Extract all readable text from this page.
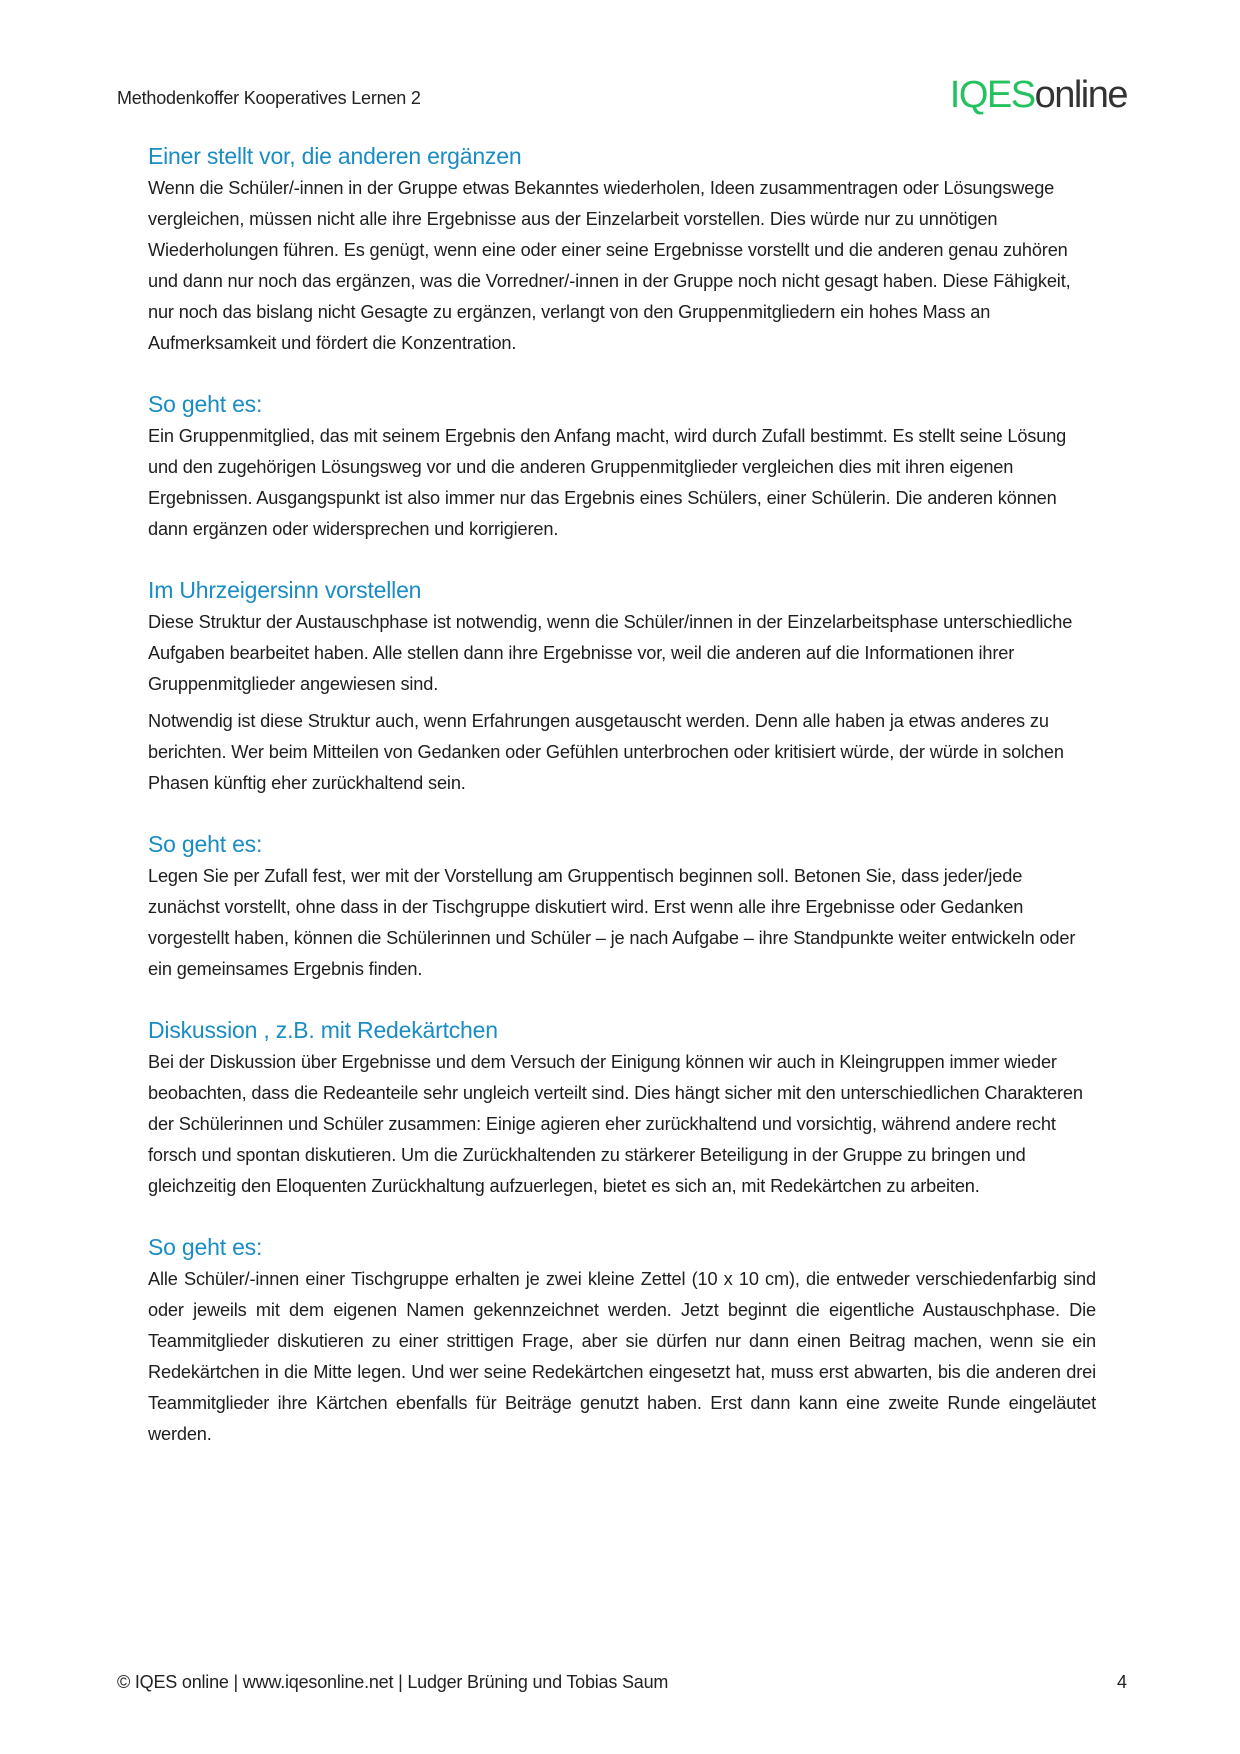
Methodenkoffer Kooperatives Lernen 2	IQESonline
Einer stellt vor, die anderen ergänzen

Wenn die Schüler/-innen in der Gruppe etwas Bekanntes wiederholen, Ideen zusammentragen oder Lösungswege vergleichen, müssen nicht alle ihre Ergebnisse aus der Einzelarbeit vorstellen. Dies würde nur zu unnötigen Wiederholungen führen. Es genügt, wenn eine oder einer seine Ergebnisse vorstellt und die anderen genau zuhören und dann nur noch das ergänzen, was die Vorredner/-innen in der Gruppe noch nicht gesagt haben. Diese Fähigkeit, nur noch das bislang nicht Gesagte zu ergänzen, verlangt von den Gruppenmitgliedern ein hohes Mass an Aufmerksamkeit und fördert die Konzentration.

So geht es:

Ein Gruppenmitglied, das mit seinem Ergebnis den Anfang macht, wird durch Zufall bestimmt. Es stellt seine Lösung und den zugehörigen Lösungsweg vor und die anderen Gruppenmitglieder vergleichen dies mit ihren eigenen Ergebnissen. Ausgangspunkt ist also immer nur das Ergebnis eines Schülers, einer Schülerin. Die anderen können dann ergänzen oder widersprechen und korrigieren.

Im Uhrzeigersinn vorstellen

Diese Struktur der Austauschphase ist notwendig, wenn die Schüler/innen in der Einzelarbeitsphase unterschiedliche Aufgaben bearbeitet haben. Alle stellen dann ihre Ergebnisse vor, weil die anderen auf die Informationen ihrer Gruppenmitglieder angewiesen sind.

Notwendig ist diese Struktur auch, wenn Erfahrungen ausgetauscht werden. Denn alle haben ja etwas anderes zu berichten. Wer beim Mitteilen von Gedanken oder Gefühlen unterbrochen oder kritisiert würde, der würde in solchen Phasen künftig eher zurückhaltend sein.

So geht es:

Legen Sie per Zufall fest, wer mit der Vorstellung am Gruppentisch beginnen soll. Betonen Sie, dass jeder/jede zunächst vorstellt, ohne dass in der Tischgruppe diskutiert wird. Erst wenn alle ihre Ergebnisse oder Gedanken vorgestellt haben, können die Schülerinnen und Schüler – je nach Aufgabe – ihre Standpunkte weiter entwickeln oder ein gemeinsames Ergebnis finden.

Diskussion , z.B. mit Redekärtchen

Bei der Diskussion über Ergebnisse und dem Versuch der Einigung können wir auch in Kleingruppen immer wieder beobachten, dass die Redeanteile sehr ungleich verteilt sind. Dies hängt sicher mit den unterschiedlichen Charakteren der Schülerinnen und Schüler zusammen: Einige agieren eher zurückhaltend und vorsichtig, während andere recht forsch und spontan diskutieren. Um die Zurückhaltenden zu stärkerer Beteiligung in der Gruppe zu bringen und gleichzeitig den Eloquenten Zurückhaltung aufzuerlegen, bietet es sich an, mit Redekärtchen zu arbeiten.

So geht es:

Alle Schüler/-innen einer Tischgruppe erhalten je zwei kleine Zettel (10 x 10 cm), die entweder verschiedenfarbig sind oder jeweils mit dem eigenen Namen gekennzeichnet werden. Jetzt beginnt die eigentliche Austauschphase. Die Teammitglieder diskutieren zu einer strittigen Frage, aber sie dürfen nur dann einen Beitrag machen, wenn sie ein Redekärtchen in die Mitte legen. Und wer seine Redekärtchen eingesetzt hat, muss erst abwarten, bis die anderen drei Teammitglieder ihre Kärtchen ebenfalls für Beiträge genutzt haben. Erst dann kann eine zweite Runde eingeläutet werden.

© IQES online | www.iqesonline.net | Ludger Brüning und Tobias Saum	4
